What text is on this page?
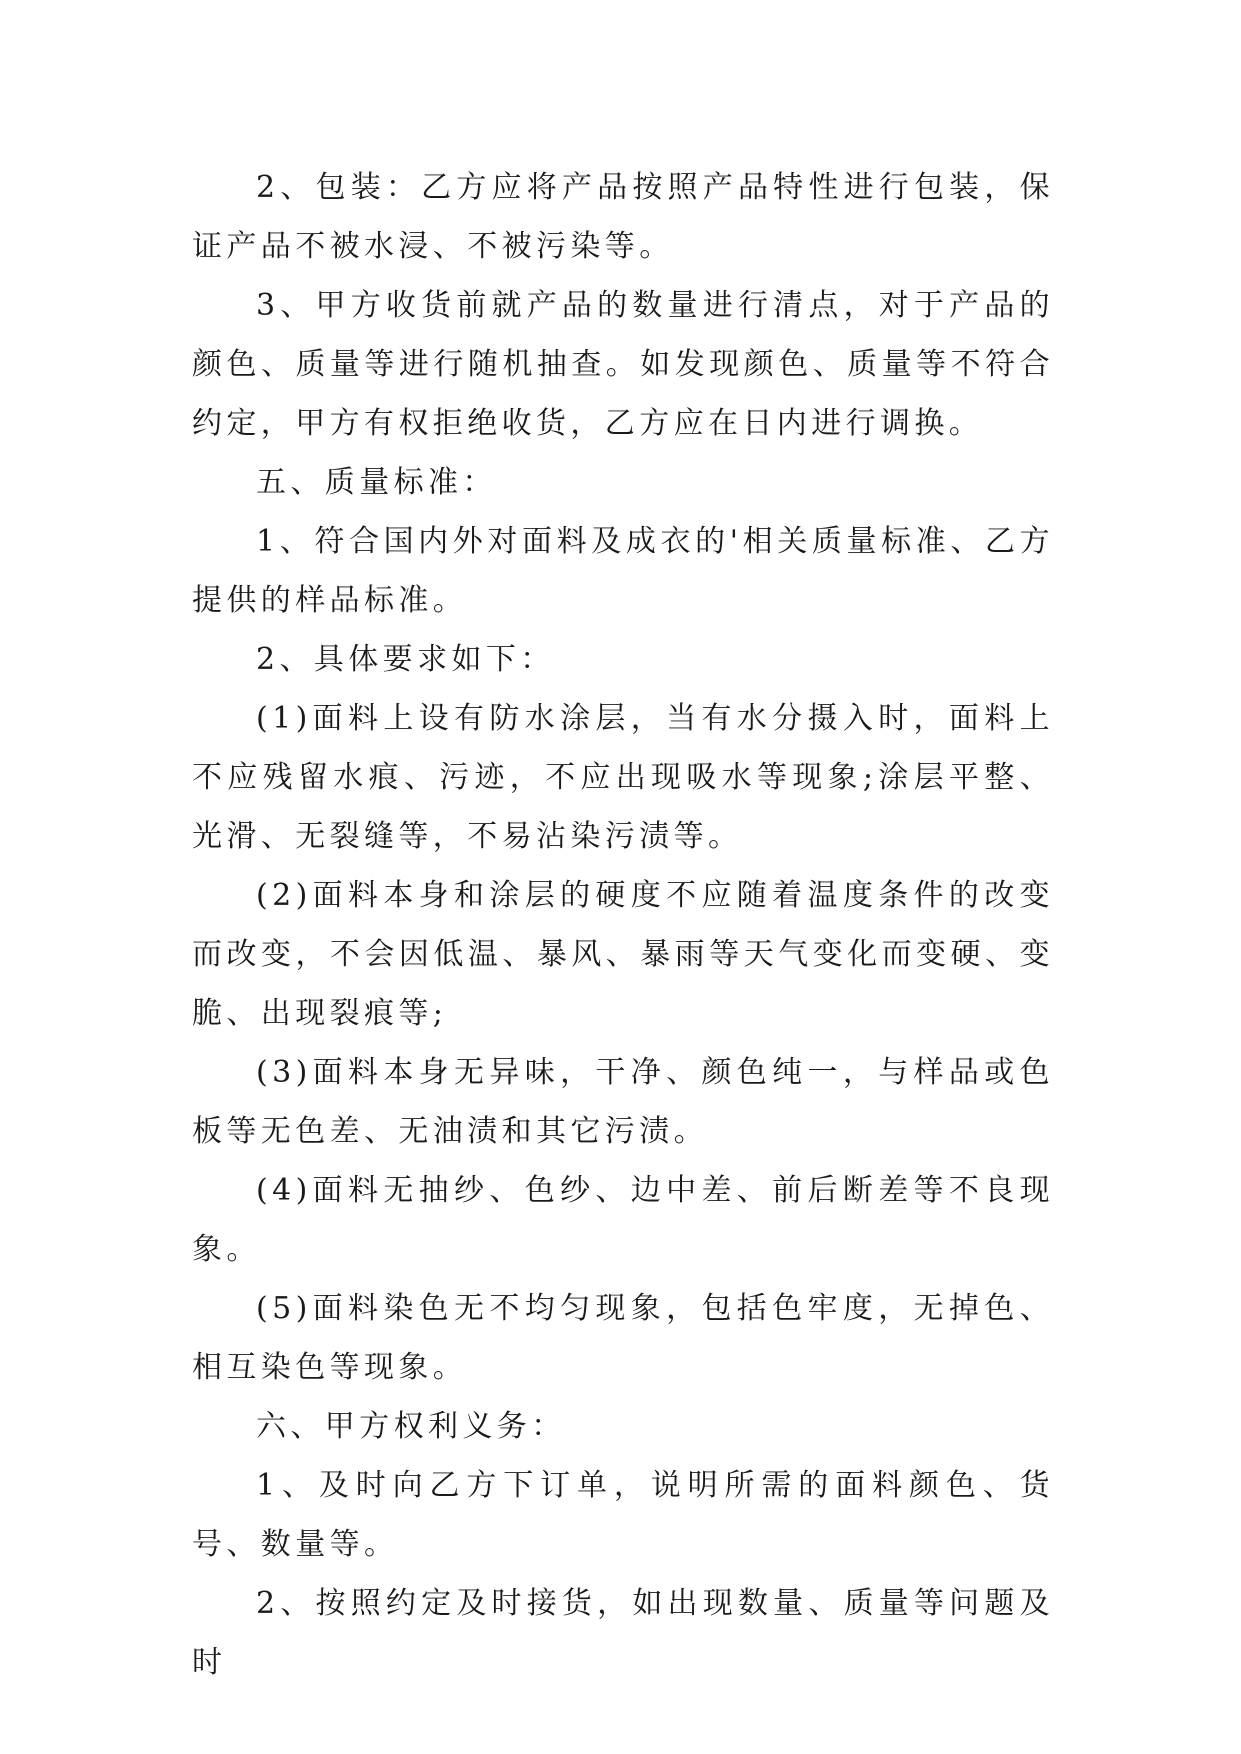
2、包装：乙方应将产品按照产品特性进行包装，保证产品不被水浸、不被污染等。

3、甲方收货前就产品的数量进行清点，对于产品的颜色、质量等进行随机抽查。如发现颜色、质量等不符合约定，甲方有权拒绝收货，乙方应在日内进行调换。

五、质量标准：

1、符合国内外对面料及成衣的'相关质量标准、乙方提供的样品标准。

2、具体要求如下：

(1)面料上设有防水涂层，当有水分摄入时，面料上不应残留水痕、污迹，不应出现吸水等现象;涂层平整、光滑、无裂缝等，不易沾染污渍等。

(2)面料本身和涂层的硬度不应随着温度条件的改变而改变，不会因低温、暴风、暴雨等天气变化而变硬、变脆、出现裂痕等;

(3)面料本身无异味，干净、颜色纯一，与样品或色板等无色差、无油渍和其它污渍。

(4)面料无抽纱、色纱、边中差、前后断差等不良现象。

(5)面料染色无不均匀现象，包括色牢度，无掉色、相互染色等现象。

六、甲方权利义务：

1、及时向乙方下订单，说明所需的面料颜色、货号、数量等。

2、按照约定及时接货，如出现数量、质量等问题及时
